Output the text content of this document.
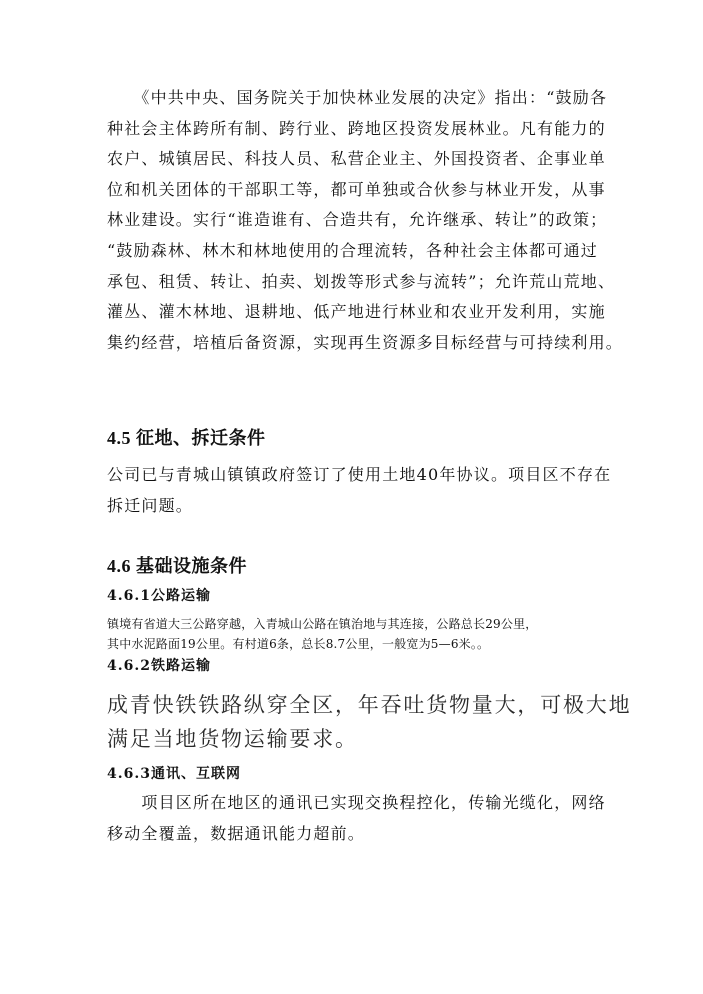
　　《中共中央、国务院关于加快林业发展的决定》指出：“鼓励各
种社会主体跨所有制、跨行业、跨地区投资发展林业。凡有能力的
农户、城镇居民、科技人员、私营企业主、外国投资者、企事业单
位和机关团体的干部职工等，都可单独或合伙参与林业开发，从事
林业建设。实行“谁造谁有、合造共有，允许继承、转让”的政策；
“鼓励森林、林木和林地使用的合理流转，各种社会主体都可通过
承包、租赁、转让、拍卖、划拨等形式参与流转”；允许荒山荒地、
灌丛、灌木林地、退耕地、低产地进行林业和农业开发利用，实施
集约经营，培植后备资源，实现再生资源多目标经营与可持续利用。
4.5 征地、拆迁条件
公司已与青城山镇镇政府签订了使用土地40年协议。项目区不存在
拆迁问题。
4.6 基础设施条件
4.6.1公路运输
镇境有省道大三公路穿越，入青城山公路在镇治地与其连接，公路总长29公里，
其中水泥路面19公里。有村道6条，总长8.7公里，一般宽为5—6米。。
4.6.2铁路运输
成青快铁铁路纵穿全区，年吞吐货物量大，可极大地
满足当地货物运输要求。
4.6.3通讯、互联网
　　项目区所在地区的通讯已实现交换程控化，传输光缆化，网络
移动全覆盖，数据通讯能力超前。
